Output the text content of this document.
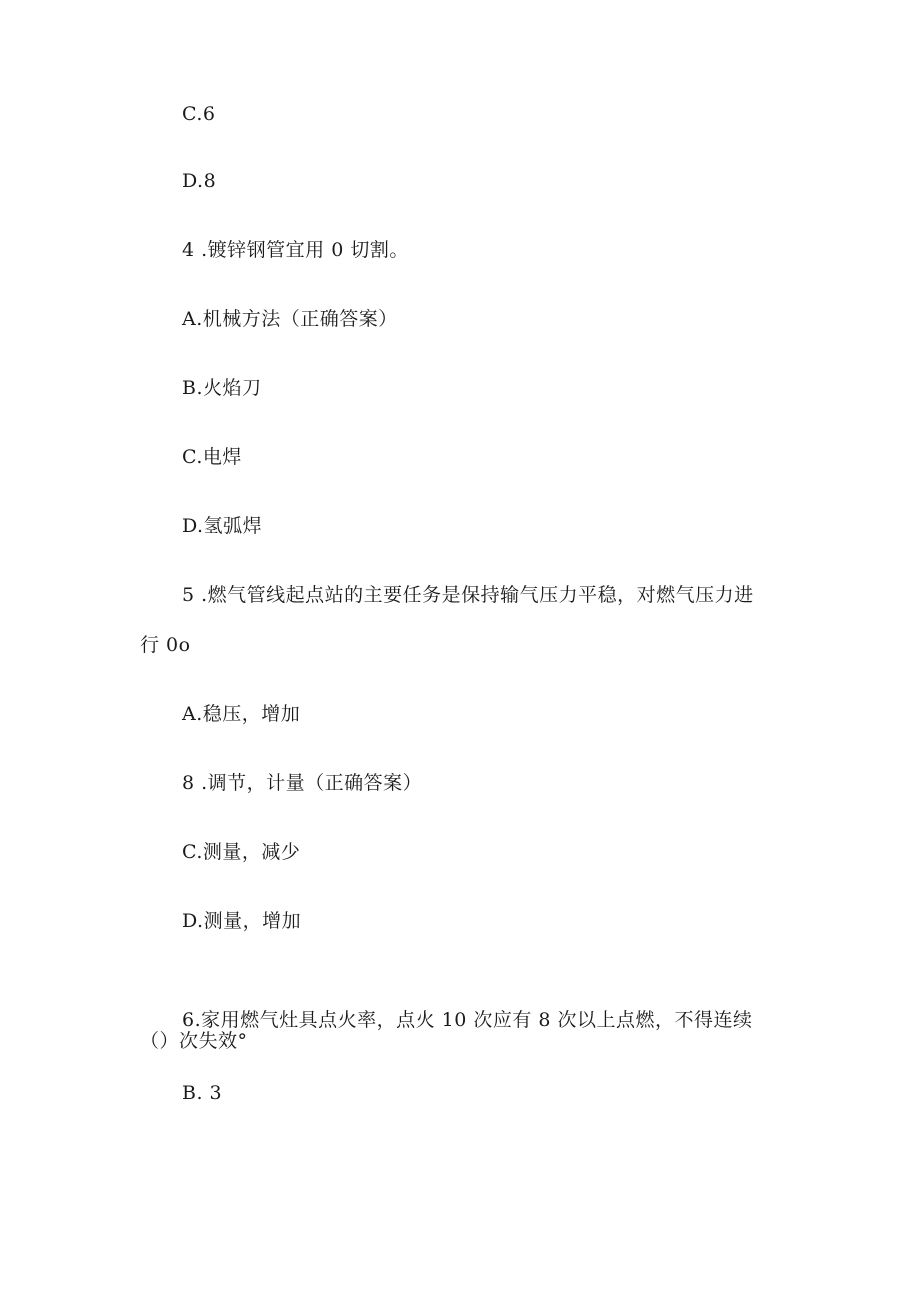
C.6
D.8
4 .镀锌钢管宜用 0 切割。
A.机械方法（正确答案）
B.火焰刀
C.电焊
D.氢弧焊
5 .燃气管线起点站的主要任务是保持输气压力平稳，对燃气压力进
行 0o
A.稳压，增加
8 .调节，计量（正确答案）
C.测量，减少
D.测量，增加
6.家用燃气灶具点火率，点火 10 次应有 8 次以上点燃，不得连续
（）次失效°
B. 3
